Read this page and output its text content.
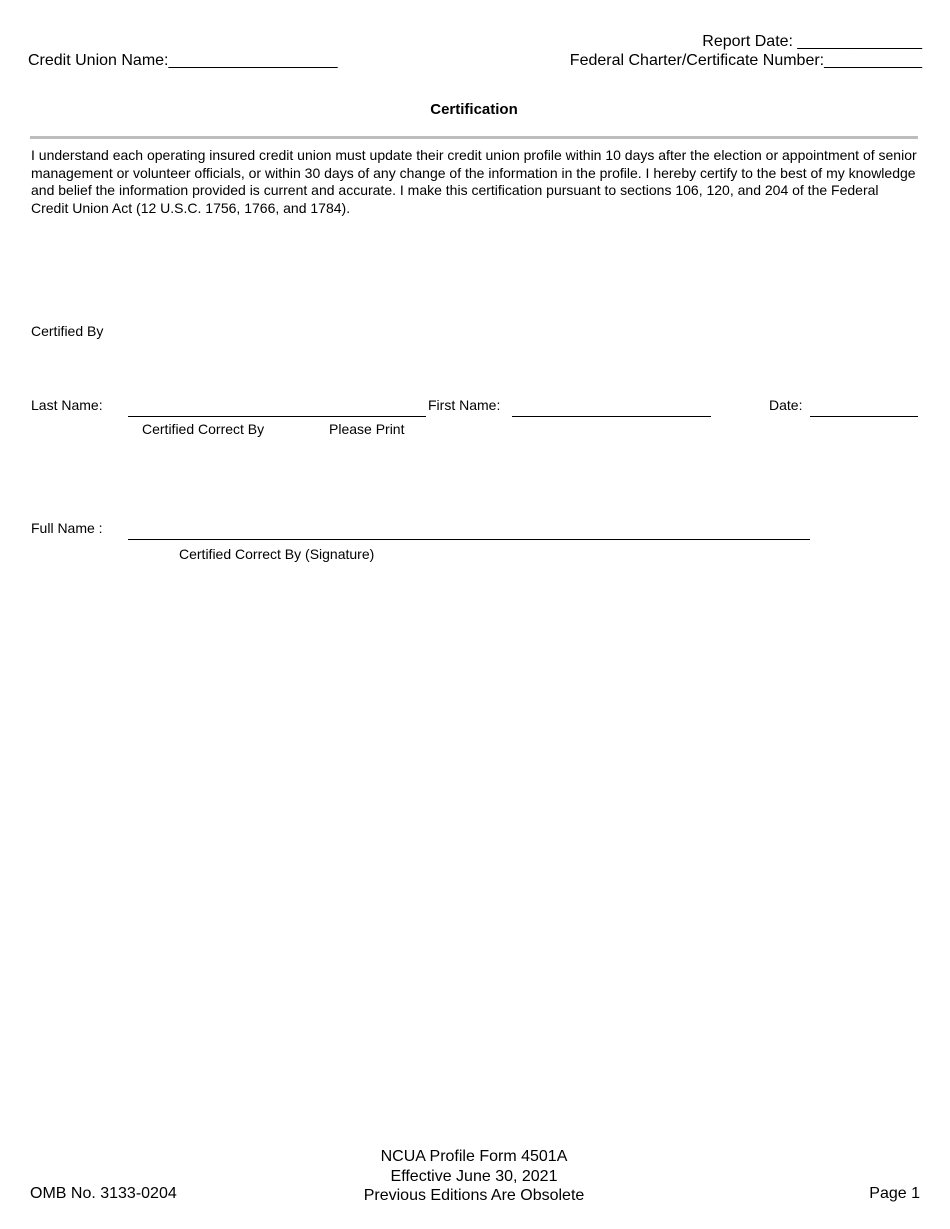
Credit Union Name:___________________
Report Date: ______________
Federal Charter/Certificate Number:___________
Certification
I understand each operating insured credit union must update their credit union profile within 10 days after the election or appointment of senior management or volunteer officials, or within 30 days of any change of the information in the profile. I hereby certify to the best of my knowledge and belief the information provided is current and accurate. I make this certification pursuant to sections 106, 120, and 204 of the Federal Credit Union Act (12 U.S.C. 1756, 1766, and 1784).
Certified By
Last Name:	First Name:	Date:
Certified Correct By	Please Print
Full Name :
Certified Correct By (Signature)
NCUA Profile Form 4501A
Effective June 30, 2021
Previous Editions Are Obsolete
OMB No. 3133-0204	Page 1
